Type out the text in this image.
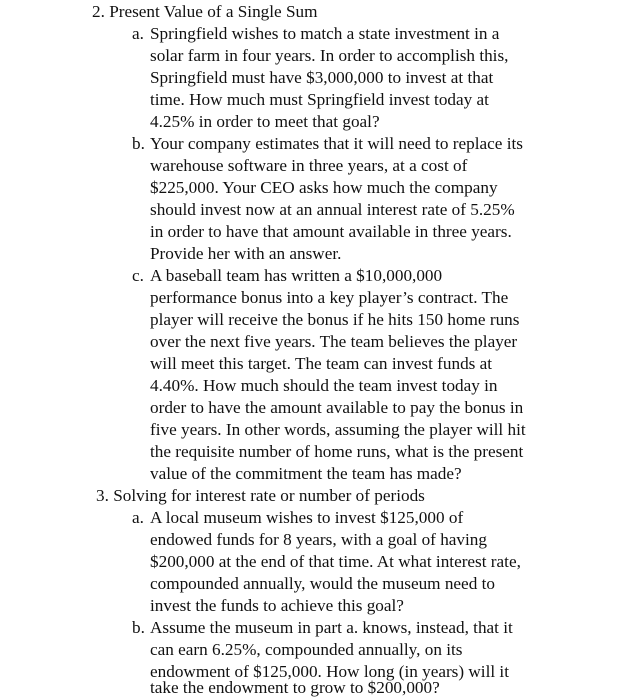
2. Present Value of a Single Sum

a. Springfield wishes to match a state investment in a

solar farm in four years. In order to accomplish this,

Springfield must have $3,000,000 to invest at that

time. How much must Springfield invest today at

4.25% in order to meet that goal?

b. Your company estimates that it will need to replace its

warehouse software in three years, at a cost of

$225,000. Your CEO asks how much the company

should invest now at an annual interest rate of 5.25%

in order to have that amount available in three years.

Provide her with an answer.

c. A baseball team has written a $10,000,000

performance bonus into a key player’s contract. The

player will receive the bonus if he hits 150 home runs

over the next five years. The team believes the player

will meet this target. The team can invest funds at

4.40%. How much should the team invest today in

order to have the amount available to pay the bonus in

five years. In other words, assuming the player will hit

the requisite number of home runs, what is the present

value of the commitment the team has made?

3. Solving for interest rate or number of periods

a. A local museum wishes to invest $125,000 of

endowed funds for 8 years, with a goal of having

$200,000 at the end of that time. At what interest rate,

compounded annually, would the museum need to

invest the funds to achieve this goal?

b. Assume the museum in part a. knows, instead, that it

can earn 6.25%, compounded annually, on its

endowment of $125,000. How long (in years) will it

take the endowment to grow to $200,000?
